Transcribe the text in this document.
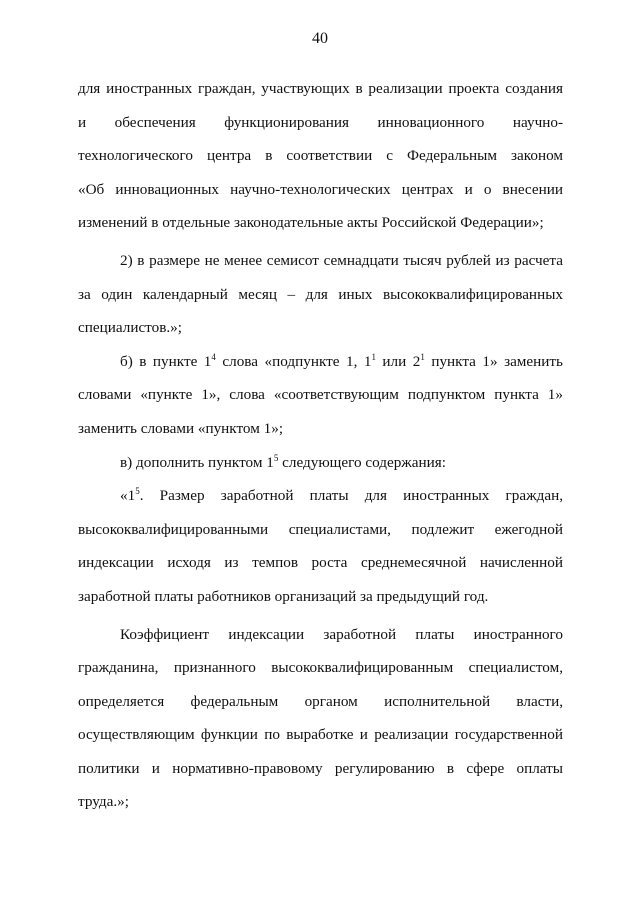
40
для иностранных граждан, участвующих в реализации проекта создания
и обеспечения функционирования инновационного научно-
технологического центра в соответствии с Федеральным законом
«Об инновационных научно-технологических центрах и о внесении
изменений в отдельные законодательные акты Российской Федерации»;
2) в размере не менее семисот семнадцати тысяч рублей из расчета
за один календарный месяц – для иных высококвалифицированных
специалистов.»;
б) в пункте $1^4$ слова «подпункте 1, $1^1$ или $2^1$ пункта 1» заменить
словами «пункте 1», слова «соответствующим подпунктом пункта 1»
заменить словами «пунктом 1»;
в) дополнить пунктом $1^5$ следующего содержания:
«$1^5$. Размер заработной платы для иностранных граждан,
высококвалифицированными специалистами, подлежит ежегодной
индексации исходя из темпов роста среднемесячной начисленной
заработной платы работников организаций за предыдущий год.
Коэффициент индексации заработной платы иностранного
гражданина, признанного высококвалифицированным специалистом,
определяется федеральным органом исполнительной власти,
осуществляющим функции по выработке и реализации государственной
политики и нормативно-правовому регулированию в сфере оплаты
труда.»;
